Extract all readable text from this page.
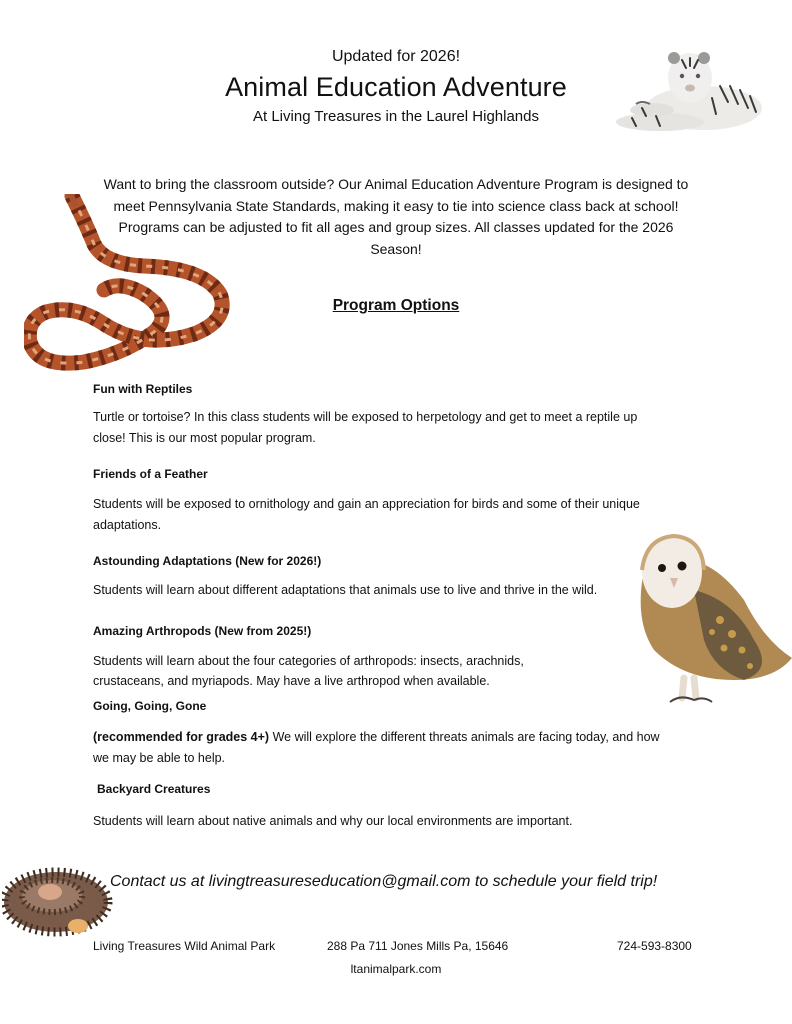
Updated for 2026!
Animal Education Adventure
At Living Treasures in the Laurel Highlands
Want to bring the classroom outside? Our Animal Education Adventure Program is designed to
meet Pennsylvania State Standards, making it easy to tie into science class back at school!
Programs can be adjusted to fit all ages and group sizes. All classes updated for the 2026
Season!
Program Options
Fun with Reptiles
Turtle or tortoise? In this class students will be exposed to herpetology and get to meet a reptile up
close! This is our most popular program.
Friends of a Feather
Students will be exposed to ornithology and gain an appreciation for birds and some of their unique
adaptations.
Astounding Adaptations (New for 2026!)
Students will learn about different adaptations that animals use to live and thrive in the wild.
Amazing Arthropods (New from 2025!)
Students will learn about the four categories of arthropods: insects, arachnids,
crustaceans, and myriapods. May have a live arthropod when available.
Going, Going, Gone
(recommended for grades 4+) We will explore the different threats animals are facing today, and how
we may be able to help.
Backyard Creatures
Students will learn about native animals and why our local environments are important.
Contact us at livingtreasureseducation@gmail.com to schedule your field trip!
Living Treasures Wild Animal Park	288 Pa 711 Jones Mills Pa, 15646	724-593-8300
ltanimalpark.com
